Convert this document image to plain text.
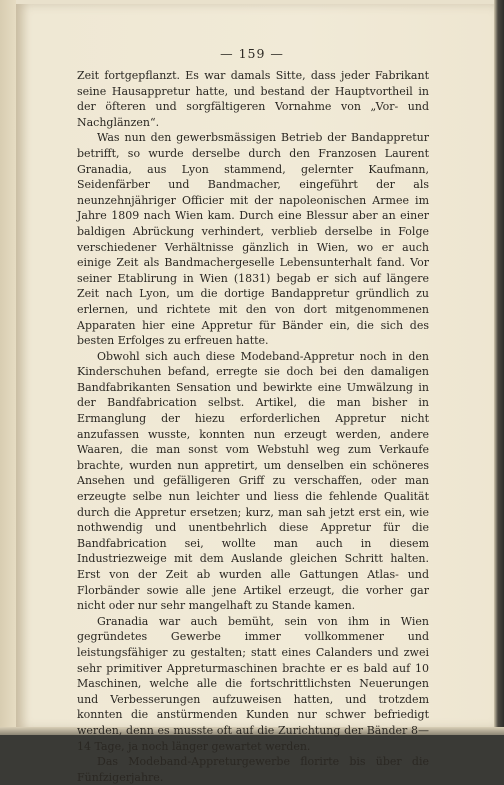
— 159 —

Zeit fortgepflanzt. Es war damals Sitte, dass jeder Fabrikant seine Hausappretur hatte, und bestand der Hauptvortheil in der öfteren und sorgfältigeren Vornahme von „Vor- und Nachglänzen“.

Was nun den gewerbsmässigen Betrieb der Bandappretur betrifft, so wurde derselbe durch den Franzosen Laurent Granadia, aus Lyon stammend, gelernter Kaufmann, Seidenfärber und Bandmacher, eingeführt der als neunzehnjähriger Officier mit der napoleonischen Armee im Jahre 1809 nach Wien kam. Durch eine Blessur aber an einer baldigen Abrückung verhindert, verblieb derselbe in Folge verschiedener Verhältnisse gänzlich in Wien, wo er auch einige Zeit als Bandmachergeselle Lebensunterhalt fand. Vor seiner Etablirung in Wien (1831) begab er sich auf längere Zeit nach Lyon, um die dortige Bandappretur gründlich zu erlernen, und richtete mit den von dort mitgenommenen Apparaten hier eine Appretur für Bänder ein, die sich des besten Erfolges zu erfreuen hatte.

Obwohl sich auch diese Modeband-Appretur noch in den Kinderschuhen befand, erregte sie doch bei den damaligen Bandfabrikanten Sensation und bewirkte eine Umwälzung in der Bandfabrication selbst. Artikel, die man bisher in Ermanglung der hiezu erforderlichen Appretur nicht anzufassen wusste, konnten nun erzeugt werden, andere Waaren, die man sonst vom Webstuhl weg zum Verkaufe brachte, wurden nun appretirt, um denselben ein schöneres Ansehen und gefälligeren Griff zu verschaffen, oder man erzeugte selbe nun leichter und liess die fehlende Qualität durch die Appretur ersetzen; kurz, man sah jetzt erst ein, wie nothwendig und unentbehrlich diese Appretur für die Bandfabrication sei, wollte man auch in diesem Industriezweige mit dem Auslande gleichen Schritt halten. Erst von der Zeit ab wurden alle Gattungen Atlas- und Florbänder sowie alle jene Artikel erzeugt, die vorher gar nicht oder nur sehr mangelhaft zu Stande kamen.

Granadia war auch bemüht, sein von ihm in Wien gegründetes Gewerbe immer vollkommener und leistungsfähiger zu gestalten; statt eines Calanders und zwei sehr primitiver Appreturmaschinen brachte er es bald auf 10 Maschinen, welche alle die fortschrittlichsten Neuerungen und Verbesserungen aufzuweisen hatten, und trotzdem konnten die anstürmenden Kunden nur schwer befriedigt werden, denn es musste oft auf die Zurichtung der Bänder 8—14 Tage, ja noch länger gewartet werden.

Das Modeband-Appreturgewerbe florirte bis über die Fünfzigerjahre.
